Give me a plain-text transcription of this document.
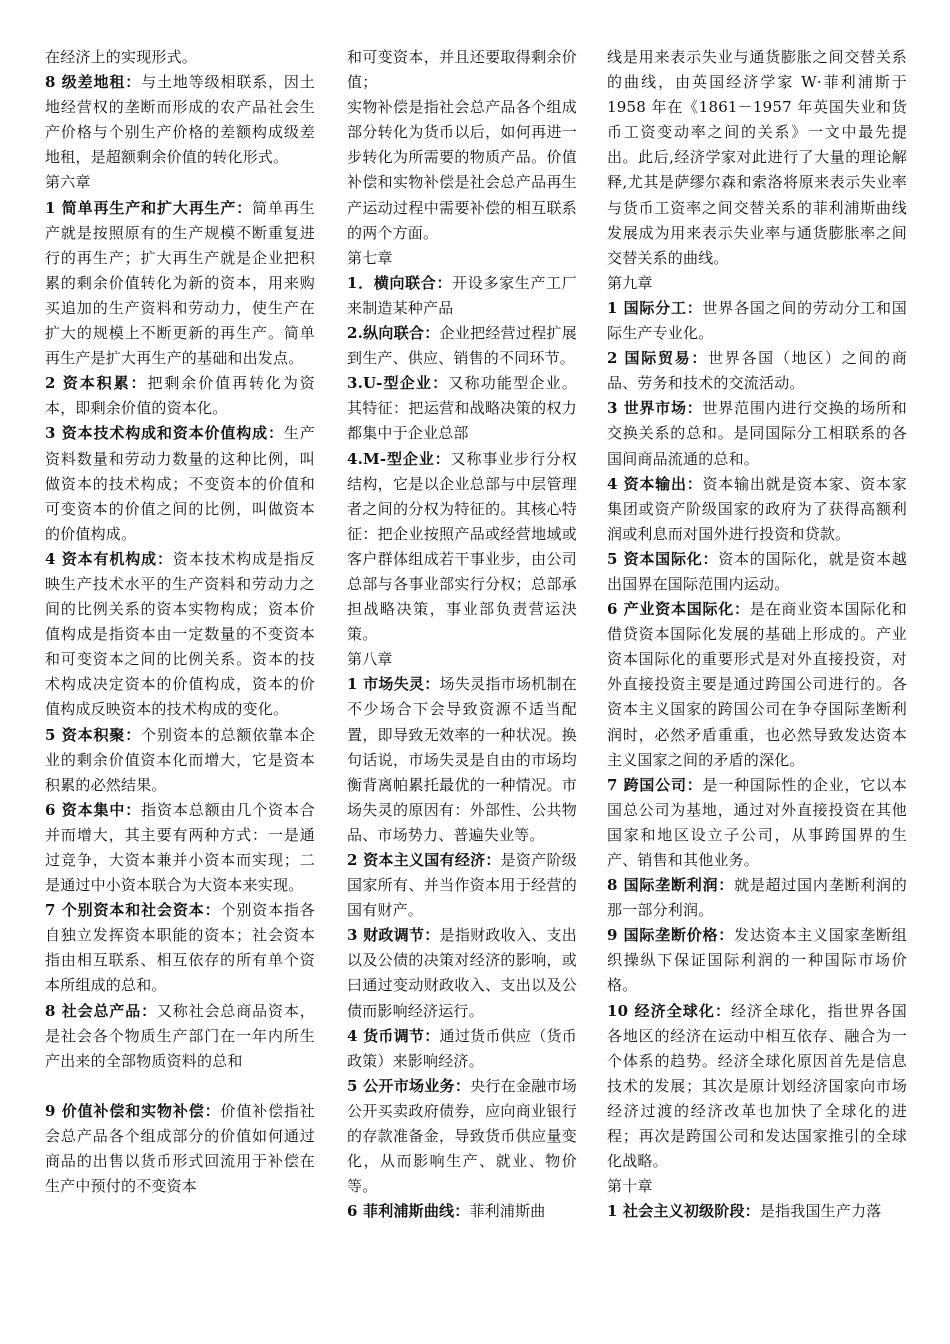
在经济上的实现形式。

8 级差地租：与土地等级相联系，因土地经营权的垄断而形成的农产品社会生产价格与个别生产价格的差额构成级差地租，是超额剩余价值的转化形式。

第六章

1 简单再生产和扩大再生产：简单再生产就是按照原有的生产规模不断重复进行的再生产；扩大再生产就是企业把积累的剩余价值转化为新的资本，用来购买追加的生产资料和劳动力，使生产在扩大的规模上不断更新的再生产。简单再生产是扩大再生产的基础和出发点。

2 资本积累：把剩余价值再转化为资本，即剩余价值的资本化。

3 资本技术构成和资本价值构成：生产资料数量和劳动力数量的这种比例，叫做资本的技术构成；不变资本的价值和可变资本的价值之间的比例，叫做资本的价值构成。

4 资本有机构成：资本技术构成是指反映生产技术水平的生产资料和劳动力之间的比例关系的资本实物构成；资本价值构成是指资本由一定数量的不变资本和可变资本之间的比例关系。资本的技术构成决定资本的价值构成，资本的价值构成反映资本的技术构成的变化。

5 资本积聚：个别资本的总额依靠本企业的剩余价值资本化而增大，它是资本积累的必然结果。

6 资本集中：指资本总额由几个资本合并而增大，其主要有两种方式：一是通过竞争，大资本兼并小资本而实现；二是通过中小资本联合为大资本来实现。

7 个别资本和社会资本：个别资本指各自独立发挥资本职能的资本；社会资本指由相互联系、相互依存的所有单个资本所组成的总和。

8 社会总产品：又称社会总商品资本，是社会各个物质生产部门在一年内所生产出来的全部物质资料的总和

9 价值补偿和实物补偿：价值补偿指社会总产品各个组成部分的价值如何通过商品的出售以货币形式回流用于补偿在生产中预付的不变资本

和可变资本，并且还要取得剩余价值；

实物补偿是指社会总产品各个组成部分转化为货币以后，如何再进一步转化为所需要的物质产品。价值补偿和实物补偿是社会总产品再生产运动过程中需要补偿的相互联系的两个方面。

第七章

1．横向联合：开设多家生产工厂来制造某种产品

2.纵向联合：企业把经营过程扩展到生产、供应、销售的不同环节。

3.U-型企业：又称功能型企业。其特征：把运营和战略决策的权力都集中于企业总部

4.M-型企业：又称事业步行分权结构，它是以企业总部与中层管理者之间的分权为特征的。其核心特征：把企业按照产品或经营地域或客户群体组成若干事业步，由公司总部与各事业部实行分权；总部承担战略决策，事业部负责营运決策。

第八章

1 市场失灵：场失灵指市场机制在不少场合下会导致资源不适当配置，即导致无效率的一种状况。换句话说，市场失灵是自由的市场均衡背离帕累托最优的一种情况。市场失灵的原因有：外部性、公共物品、市场势力、普遍失业等。

2 资本主义国有经济：是资产阶级国家所有、并当作资本用于经营的国有财产。

3 财政调节：是指财政收入、支出以及公债的决策对经济的影响，或曰通过变动财政收入、支出以及公债而影响经济运行。

4 货币调节：通过货币供应（货币政策）来影响经济。

5 公开市场业务：央行在金融市场公开买卖政府债券，应向商业银行的存款准备金，导致货币供应量变化，从而影响生产、就业、物价等。

6 菲利浦斯曲线：菲利浦斯曲

线是用来表示失业与通货膨胀之间交替关系的曲线，由英国经济学家 W·菲利浦斯于 1958 年在《1861－1957 年英国失业和货币工资变动率之间的关系》一文中最先提出。此后,经济学家对此进行了大量的理论解释,尤其是萨缪尔森和索洛将原来表示失业率与货币工资率之间交替关系的菲利浦斯曲线发展成为用来表示失业率与通货膨胀率之间交替关系的曲线。

第九章

1 国际分工：世界各国之间的劳动分工和国际生产专业化。

2 国际贸易：世界各国（地区）之间的商品、劳务和技术的交流活动。

3 世界市场：世界范围内进行交换的场所和交换关系的总和。是同国际分工相联系的各国间商品流通的总和。

4 资本输出：资本输出就是资本家、资本家集团或资产阶级国家的政府为了获得高额利润或利息而对国外进行投资和贷款。

5 资本国际化：资本的国际化，就是资本越出国界在国际范围内运动。

6 产业资本国际化：是在商业资本国际化和借贷资本国际化发展的基础上形成的。产业资本国际化的重要形式是对外直接投资，对外直接投资主要是通过跨国公司进行的。各资本主义国家的跨国公司在争夺国际垄断利润时，必然矛盾重重，也必然导致发达资本主义国家之间的矛盾的深化。

7 跨国公司：是一种国际性的企业，它以本国总公司为基地，通过对外直接投资在其他国家和地区设立子公司，从事跨国界的生产、销售和其他业务。

8 国际垄断利润：就是超过国内垄断利润的那一部分利润。

9 国际垄断价格：发达资本主义国家垄断组织操纵下保证国际利润的一种国际市场价格。

10 经济全球化：经济全球化，指世界各国各地区的经济在运动中相互依存、融合为一个体系的趋势。经济全球化原因首先是信息技术的发展；其次是原计划经济国家向市场经济过渡的经济改革也加快了全球化的进程；再次是跨国公司和发达国家推引的全球化战略。

第十章

1 社会主义初级阶段：是指我国生产力落
